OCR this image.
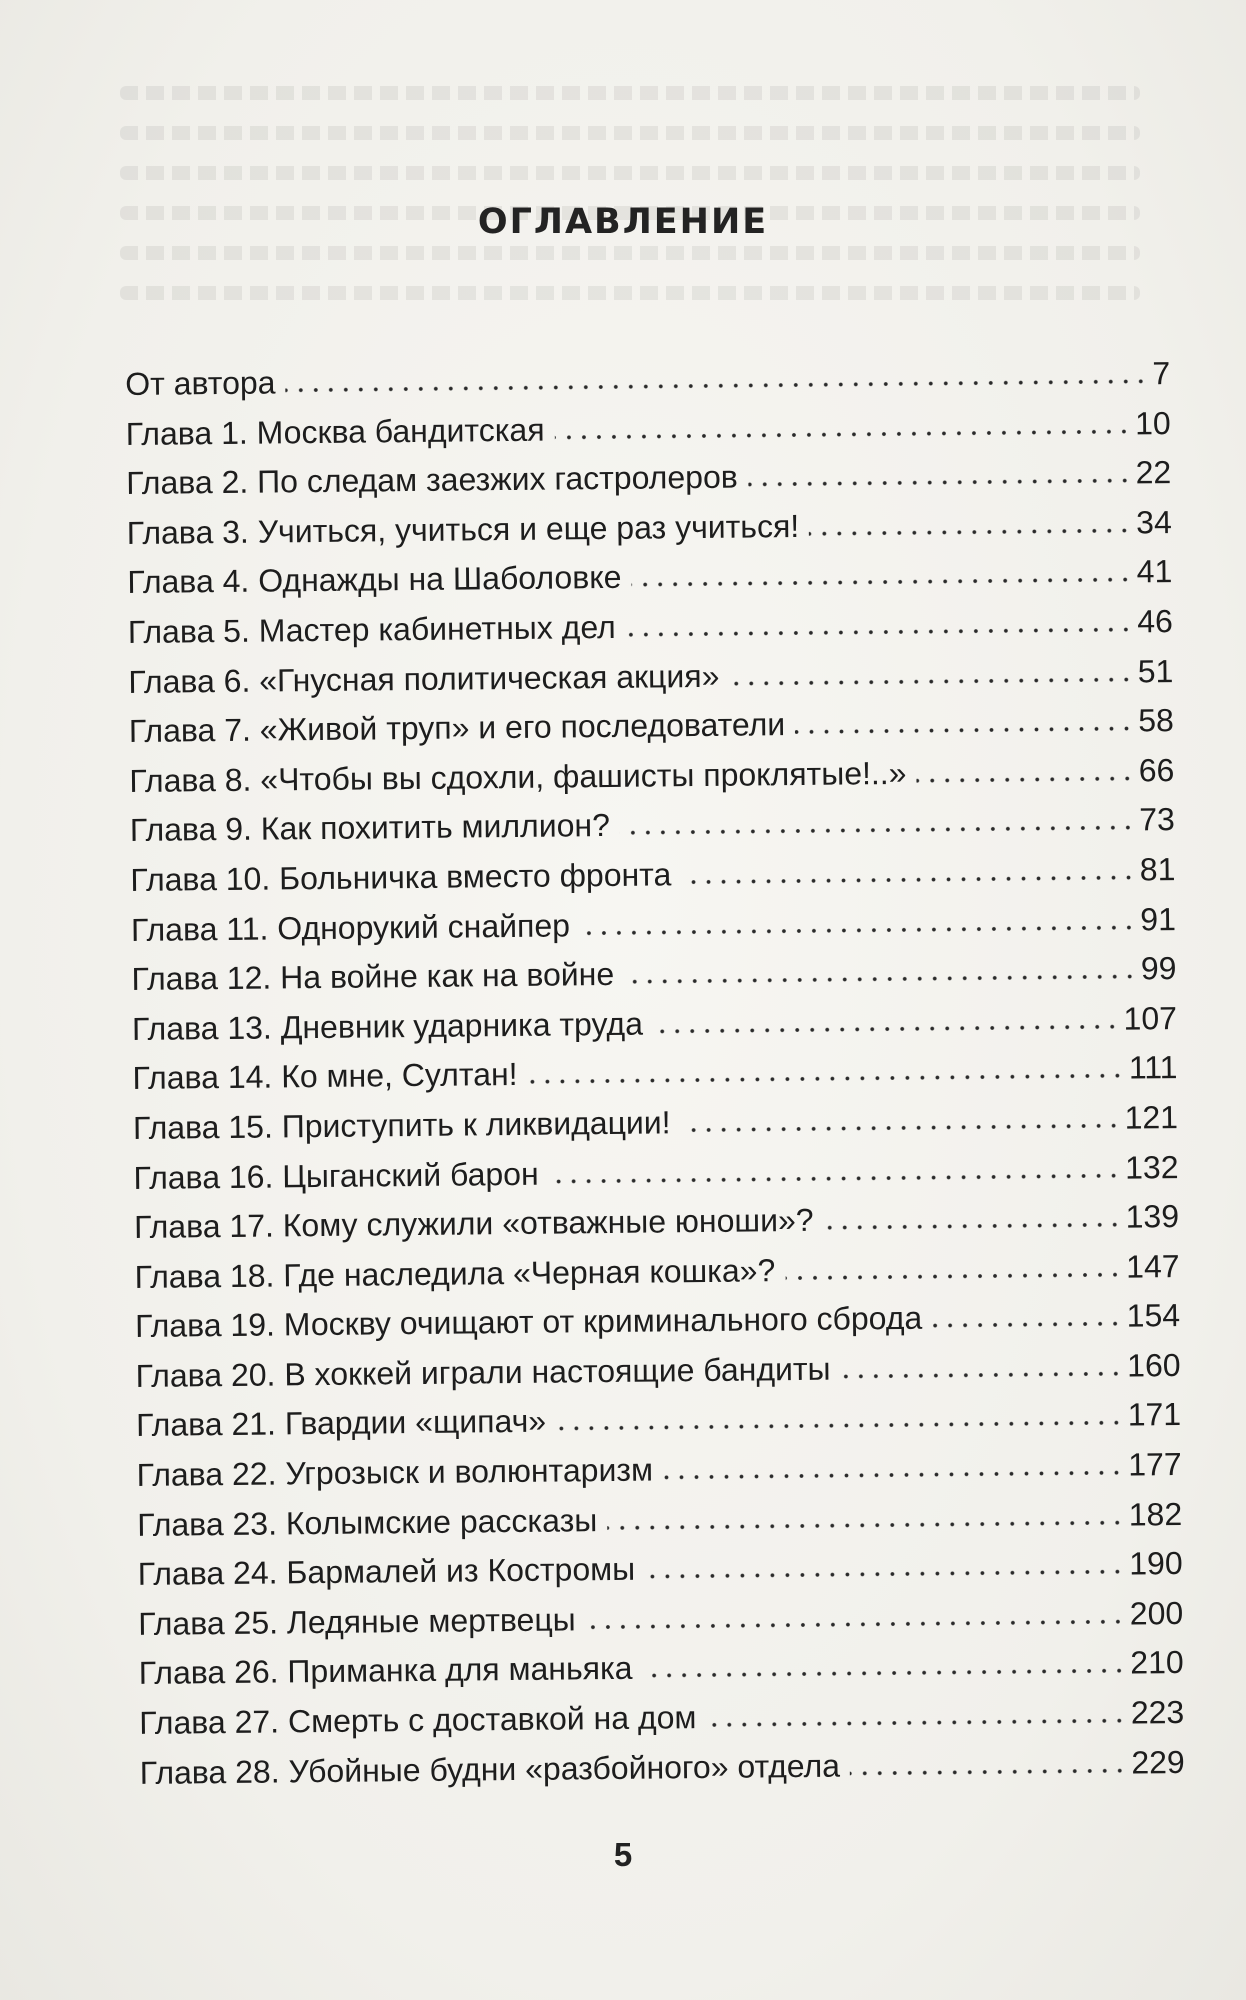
ОГЛАВЛЕНИЕ
От автора	7
Глава 1. Москва бандитская	10
Глава 2. По следам заезжих гастролеров	22
Глава 3. Учиться, учиться и еще раз учиться!	34
Глава 4. Однажды на Шаболовке	41
Глава 5. Мастер кабинетных дел	46
Глава 6. «Гнусная политическая акция»	51
Глава 7. «Живой труп» и его последователи	58
Глава 8. «Чтобы вы сдохли, фашисты проклятые!..»	66
Глава 9. Как похитить миллион?	73
Глава 10. Больничка вместо фронта	81
Глава 11. Однорукий снайпер	91
Глава 12. На войне как на войне	99
Глава 13. Дневник ударника труда	107
Глава 14. Ко мне, Султан!	111
Глава 15. Приступить к ликвидации!	121
Глава 16. Цыганский барон	132
Глава 17. Кому служили «отважные юноши»?	139
Глава 18. Где наследила «Черная кошка»?	147
Глава 19. Москву очищают от криминального сброда	154
Глава 20. В хоккей играли настоящие бандиты	160
Глава 21. Гвардии «щипач»	171
Глава 22. Угрозыск и волюнтаризм	177
Глава 23. Колымские рассказы	182
Глава 24. Бармалей из Костромы	190
Глава 25. Ледяные мертвецы	200
Глава 26. Приманка для маньяка	210
Глава 27. Смерть с доставкой на дом	223
Глава 28. Убойные будни «разбойного» отдела	229
5
